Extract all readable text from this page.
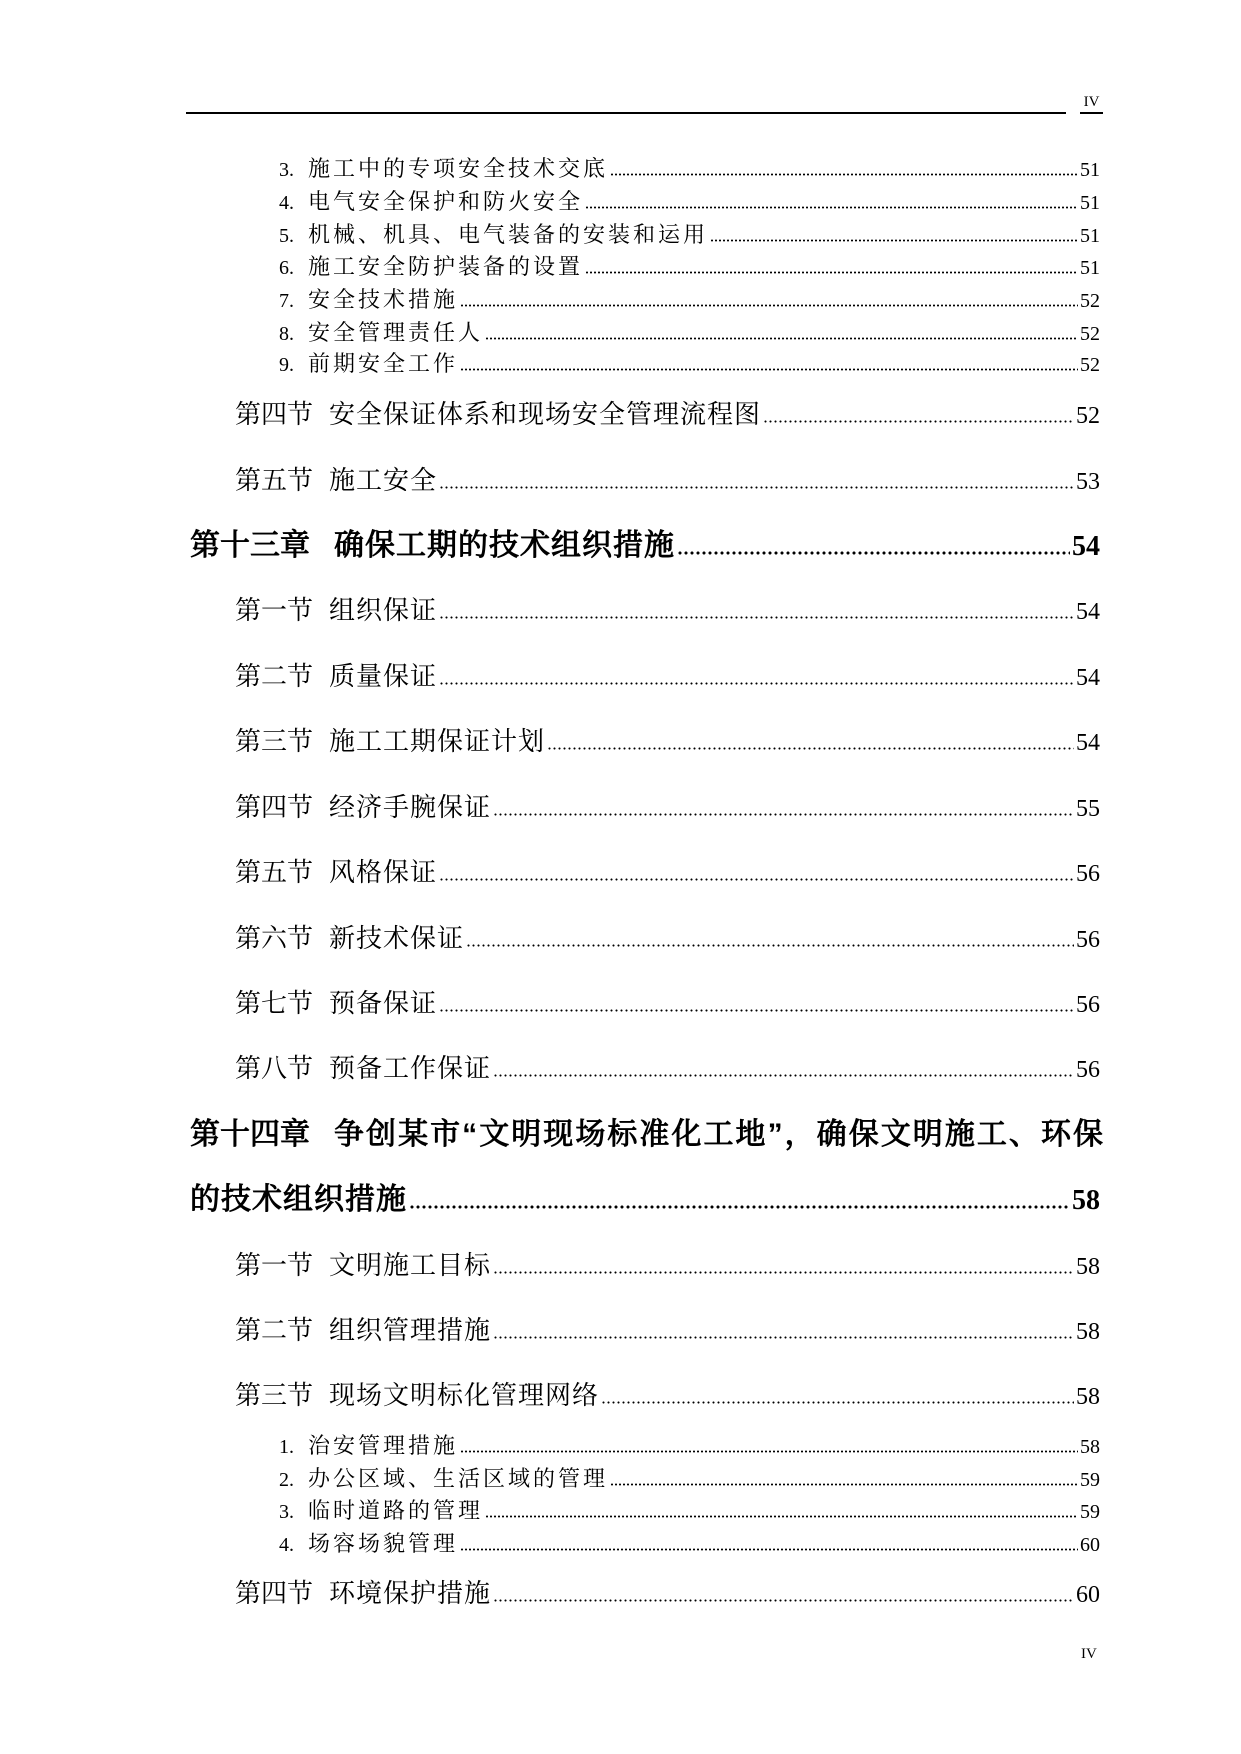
IV
3. 施工中的专项安全技术交底	51
4. 电气安全保护和防火安全	51
5. 机械、机具、电气装备的安装和运用	51
6. 施工安全防护装备的设置	51
7. 安全技术措施	52
8. 安全管理责任人	52
9. 前期安全工作	52
第四节 安全保证体系和现场安全管理流程图	52
第五节 施工安全	53
第十三章 确保工期的技术组织措施	54
第一节 组织保证	54
第二节 质量保证	54
第三节 施工工期保证计划	54
第四节 经济手腕保证	55
第五节 风格保证	56
第六节 新技术保证	56
第七节 预备保证	56
第八节 预备工作保证	56
第十四章 争创某市“文明现场标准化工地”，确保文明施工、环保
的技术组织措施	58
第一节 文明施工目标	58
第二节 组织管理措施	58
第三节 现场文明标化管理网络	58
1. 治安管理措施	58
2. 办公区域、生活区域的管理	59
3. 临时道路的管理	59
4. 场容场貌管理	60
第四节 环境保护措施	60
IV
